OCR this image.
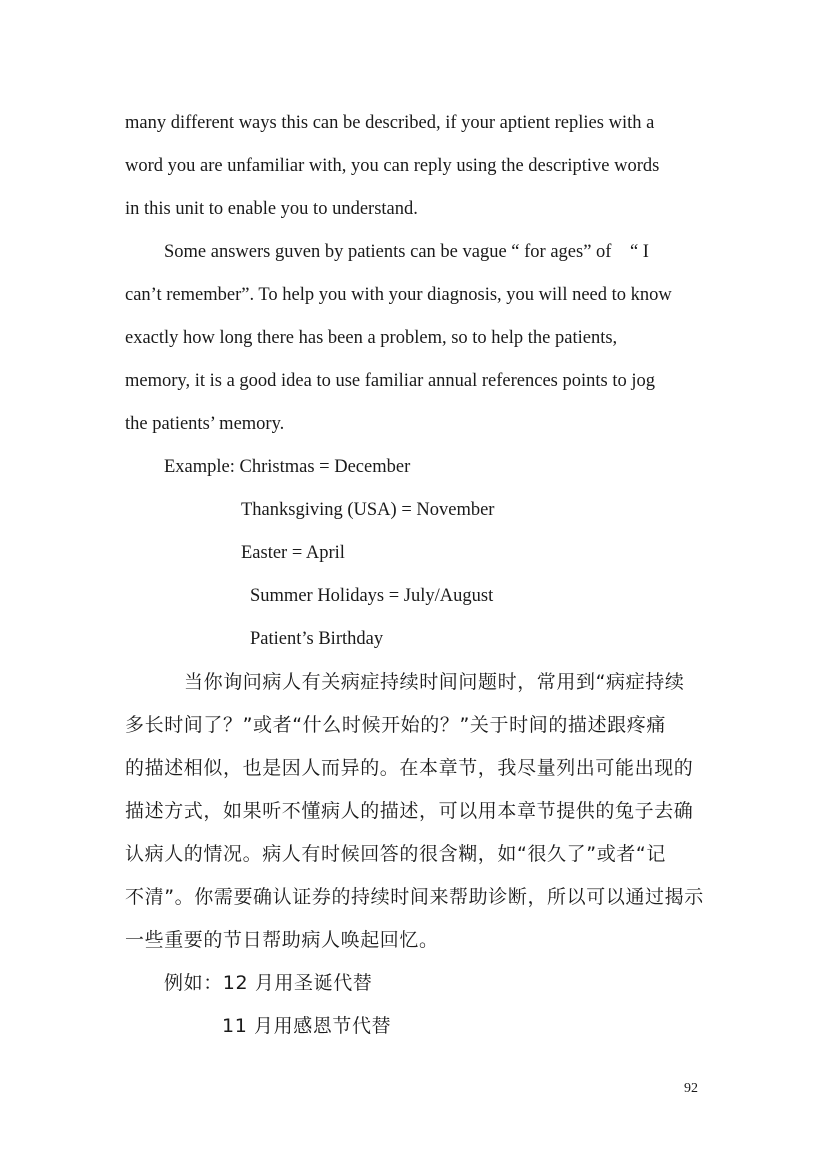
many different ways this can be described, if your aptient replies with a
word you are unfamiliar with, you can reply using the descriptive words
in this unit to enable you to understand.
Some answers guven by patients can be vague “ for ages” of    “ I
can’t remember”. To help you with your diagnosis, you will need to know
exactly how long there has been a problem, so to help the patients,
memory, it is a good idea to use familiar annual references points to jog
the patients’ memory.
Example: Christmas = December
Thanksgiving (USA) = November
Easter = April
Summer Holidays = July/August
Patient’s Birthday
当你询问病人有关病症持续时间问题时，常用到“病症持续
多长时间了？”或者“什么时候开始的？”关于时间的描述跟疼痛
的描述相似，也是因人而异的。在本章节，我尽量列出可能出现的
描述方式，如果听不懂病人的描述，可以用本章节提供的兔子去确
认病人的情况。病人有时候回答的很含糊，如“很久了”或者“记
不清”。你需要确认证券的持续时间来帮助诊断，所以可以通过揭示
一些重要的节日帮助病人唤起回忆。
例如：12 月用圣诞代替
11 月用感恩节代替
92
